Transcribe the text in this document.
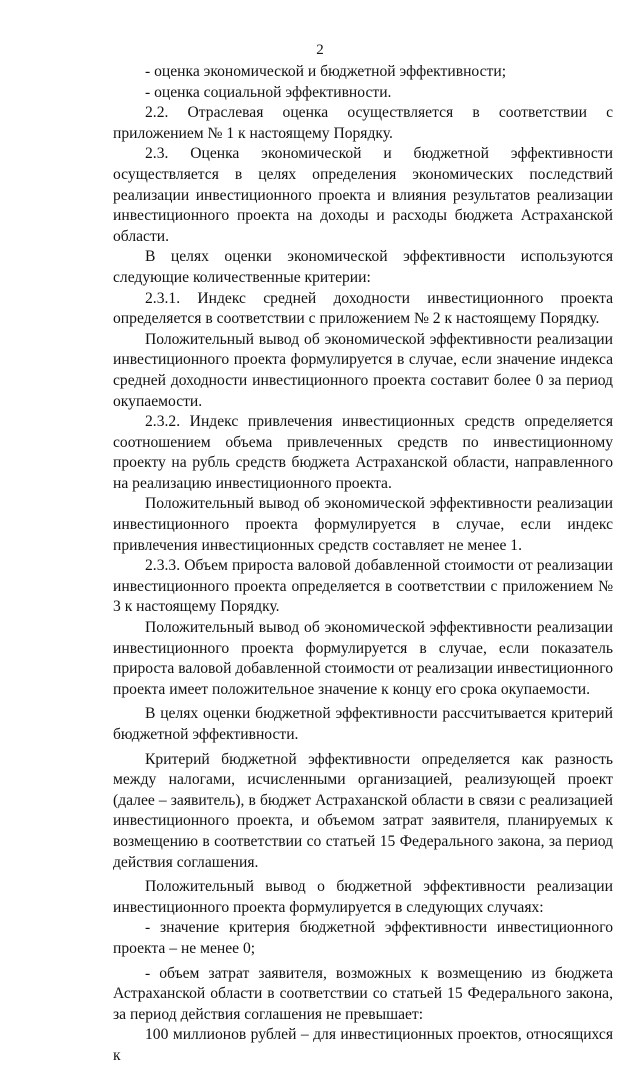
2

- оценка экономической и бюджетной эффективности;

- оценка социальной эффективности.

2.2. Отраслевая оценка осуществляется в соответствии с приложением № 1 к настоящему Порядку.

2.3. Оценка экономической и бюджетной эффективности осуществляется в целях определения экономических последствий реализации инвестиционного проекта и влияния результатов реализации инвестиционного проекта на доходы и расходы бюджета Астраханской области.

В целях оценки экономической эффективности используются следующие количественные критерии:

2.3.1. Индекс средней доходности инвестиционного проекта определяется в соответствии с приложением № 2 к настоящему Порядку.

Положительный вывод об экономической эффективности реализации инвестиционного проекта формулируется в случае, если значение индекса средней доходности инвестиционного проекта составит более 0 за период окупаемости.

2.3.2. Индекс привлечения инвестиционных средств определяется соотношением объема привлеченных средств по инвестиционному проекту на рубль средств бюджета Астраханской области, направленного на реализацию инвестиционного проекта.

Положительный вывод об экономической эффективности реализации инвестиционного проекта формулируется в случае, если индекс привлечения инвестиционных средств составляет не менее 1.

2.3.3. Объем прироста валовой добавленной стоимости от реализации инвестиционного проекта определяется в соответствии с приложением № 3 к настоящему Порядку.

Положительный вывод об экономической эффективности реализации инвестиционного проекта формулируется в случае, если показатель прироста валовой добавленной стоимости от реализации инвестиционного проекта имеет положительное значение к концу его срока окупаемости.

В целях оценки бюджетной эффективности рассчитывается критерий бюджетной эффективности.

Критерий бюджетной эффективности определяется как разность между налогами, исчисленными организацией, реализующей проект (далее – заявитель), в бюджет Астраханской области в связи с реализацией инвестиционного проекта, и объемом затрат заявителя, планируемых к возмещению в соответствии со статьей 15 Федерального закона, за период действия соглашения.

Положительный вывод о бюджетной эффективности реализации инвестиционного проекта формулируется в следующих случаях:

- значение критерия бюджетной эффективности инвестиционного проекта – не менее 0;

- объем затрат заявителя, возможных к возмещению из бюджета Астраханской области в соответствии со статьей 15 Федерального закона, за период действия соглашения не превышает:

100 миллионов рублей – для инвестиционных проектов, относящихся к
